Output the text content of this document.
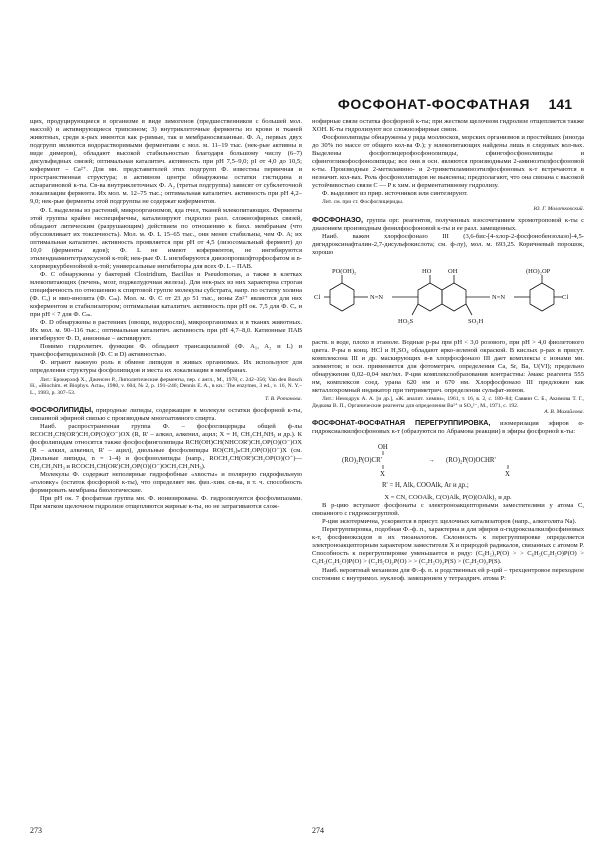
ФОСФОНАТ-ФОСФАТНАЯ 141

щих, продуцирующиеся в организме в виде зимогенов (предшественников с большей мол. массой) и активирующиеся трипсином; 3) внутриклеточные ферменты из крови и тканей животных, среди к-рых имеются как р-римые, так и мембраносвязанные. Ф. A₂ первых двух подгрупп являются водорастворимыми ферментами с мол. м. 11–19 тыс. (нек-рые активны в виде димеров), обладают высокой стабильностью благодаря большому числу (6–7) дисульфидных связей; оптимальная каталитич. активность при pH 7,5–9,0; pI от 4,0 до 10,5; кофермент – Ca²⁺. Для мн. представителей этих подгрупп Ф. известны первичная и пространственная структура; в активном центре обнаружены остатки гистидина и аспарагиновой к-ты. Св-ва внутриклеточных Ф. A₂ (третья подгруппа) зависят от субклеточной локализации фермента. Их мол. м. 12–75 тыс.; оптимальная каталитич. активность при pH 4,2–9,0; нек-рые ферменты этой подгруппы не содержат коферментов.

Ф. L выделены из растений, микроорганизмов, яда пчел, тканей млекопитающих. Ферменты этой группы крайне неспецифичны, катализируют гидролиз разл. сложноэфирных связей, обладают литическим (разрушающим) действием по отношению к биол. мембранам (что обусловливает их токсичность). Мол. м. Ф. L 15–65 тыс., они менее стабильны, чем Ф. A; их оптимальная каталитич. активность проявляется при pH от 4,5 (лизосомальный фермент) до 10,0 (ферменты ядов); Ф. L не имеют коферментов, не ингибируются этилендиаминтетрауксусной к-той; нек-рые Ф. L ингибируются диизопропилфторфосфатом и n-хлормеркурбензойной к-той; универсальные ингибиторы для всех Ф. L – ПАВ.

Ф. C обнаружены у бактерий Clostridium, Bacillus и Pseudomonas, а также в клетках млекопитающих (печень, мозг, поджелудочная железа). Для нек-рых из них характерна строгая специфичность по отношению к спиртовой группе молекулы субстрата, напр. по остатку холина (Ф. Cₓ) и мио-инозита (Ф. Cₘ). Мол. м. Ф. C от 23 до 51 тыс., ионы Zn²⁺ являются для них коферментом и стабилизатором; оптимальная каталитич. активность при pH ок. 7,5 для Ф. Cₓ и при pH < 7 для Ф. Cₘ.

Ф. D обнаружены в растениях (овощи, водоросли), микроорганизмах и в тканях животных. Их мол. м. 90–116 тыс.; оптимальная каталитич. активность при pH 4,7–8,0. Катионные ПАВ ингибируют Ф. D, анионные – активируют.

Помимо гидролитич. функции Ф. обладают трансацилазной (Ф. A₁, A₂ и L) и трансфосфатидилазной (Ф. C и D) активностью.

Ф. играют важную роль в обмене липидов в живых организмах. Их используют для определения структуры фосфолипидов и места их локализации в мембранах.

Лит.: Брокерхоф Х., Дженсен Р., Липолитические ферменты, пер. с англ., М., 1978, с. 242–356; Van den Bosch H., «Biochim. et Biophys. Acta», 1980, v. 604, № 2, p. 191–246; Dennis E. A., в кн.: The enzymes, 3 ed., v. 16, N. Y.– L., 1983, p. 307–53.
Т. В. Ротанова.

ФОСФОЛИПИДЫ, природные липиды, содержащие в молекуле остатки фосфорной к-ты, связанной эфирной связью с производным многоатомного спирта.

Наиб. распространенная группа Ф. – фосфоглицериды общей ф-лы RCOCH₂CH(OR')CH₂OP(O)(O⁻)OX (R, R' – алкил, алкенил, ацил; X = H, CH₂CH₂NH₃ и др.). К фосфолипидам относятся также фосфосфинголипиды RCH(OH)CH(NHCOR')CH₂OP(O)(O⁻)OX (R – алкил, алкенил, R' – ацил), диольные фосфолипиды RO(CH₂)ₙCH₂OP(O)(O⁻)X (см. Диольные липиды, n = 1–4) и фосфонолипиды (напр., ROCH₂CH(OR')CH₂OP(O)(O⁻)—CH₂CH₂NH₃ и RCOCH₂CH(OR')CH₂OP(O)(O⁻)OCH₂CH₂NH₃).

Молекулы Ф. содержат неполярные гидрофобные «хвосты» и полярную гидрофильную «головку» (остаток фосфорной к-ты), что определяет мн. физ.-хим. св-ва, в т. ч. способность формировать мембраны биологические.

При pH ок. 7 фосфатная группа мн. Ф. ионизирована. Ф. гидролизуются фосфолипазами. При мягком щелочном гидролизе отщепляются жирные к-ты, но не затрагиваются слож-

нофирные связи остатка фосфорной к-ты; при жестком щелочном гидролизе отщепляется также XOH. К-ты гидролизуют все сложноэфирные связи.

Фосфонолипиды обнаружены у ряда моллюсков, морских организмов и простейших (иногда до 30% по массе от общего кол-ва Ф.); у млекопитающих найдены лишь в следовых кол-вах. Выделены фосфоглицерофосфонолипиды, сфингофосфонолипиды и сфингогликофосфонолипиды; все они в осн. являются производными 2-аминоэтилфосфоновой к-ты. Производные 2-метиламино- и 2-триметиламиноэтилфосфоновых к-т встречаются в незначит. кол-вах. Роль фосфонолипидов не выяснена; предполагают, что она связана с высокой устойчивостью связи C — P к хим. и ферментативному гидролизу.

Ф. выделяют из прир. источников или синтезируют.

Лит. см. при ст. Фосфоглицериды.
Ю. Г. Молотковский.

ФОСФОНАЗО, группа орг. реагентов, полученных взосочетанием хромотроповой к-ты с диазонием производным фенилфосфоновой к-ты и ее разл. замещенных.

Наиб. важен хлорфосфоназо III (3,6-бис-[4-хлор-2-фосфонобензолазо]-4,5-дигидроксинафталин-2,7-дисульфокислота; см. ф-лу), мол. м. 693,25. Коричневый порошок, хорошо

Cl	Cl
PO(OH)₂	(HO)₂OP
HO	OH
N=N	N=N
HO₃S	SO₃H

раств. в воде, плохо в этаноле. Водные р-ры при pH < 3,0 розового, при pH > 4,0 фиолетового цвета. Р-ры в конц. HCl и H₂SO₄ обладают ярко-зеленой окраской. В кислых р-рах в присут. комплексона III и др. маскирующих в-в хлорфосфоназо III дает комплексы с ионами мн. элементов; в осн. применяется для фотометрич. определения Ca, Sr, Ba, U(VI); предельно обнаружения 0,02–0,04 мкг/мл. Р-ция комплексообразования контрастны: λмакс реагента 555 нм, комплексов соед. урана 620 нм и 670 нм. Хлорфосфоназо III предложен как металлохромный индикатор при титриметрич. определении сульфат-ионов.

Лит.: Немодрук А. А. [и др.], «Ж. аналит. химии», 1961, т. 16, в. 2, с. 180–84; Саввин С. Б., Акимова Т. Г., Дедкова В. П., Органические реагенты для определения Ba²⁺ и SO₄²⁻, М., 1971, с. 192.
А. В. Михайлова.

ФОСФОНАТ-ФОСФАТНАЯ ПЕРЕГРУППИРОВКА, изомеризация эфиров α-гидроксиалкилфосфоновых к-т (образуются по Абрамова реакции) в эфиры фосфорной к-ты:

OH
(RO)₂P(O)CR'
X
→ (RO)₂P(O)OCHR'
X
R' = H, Alk, COOAlk, Ar и др.;

X = CN, COOAlk, C(O)Alk, P(O)(OAlk)₂ и др.

В р-цию вступают фосфонаты с электроноакцепторными заместителями у атома C, связанного с гидроксигруппой.

Р-ция экзотермична, ускоряется в присут. щелочных катализаторов (напр., алкоголята Na).

Перегруппировка, подобная Ф.-ф. п., характерна и для эфиров α-гидроксиалкилфосфиновых к-т, фосфиноксидов и их тиоаналогов. Склонность к перегруппировке определяется электроноакцепторным характером заместителя X и природой радикалов, связанных с атомом P. Способность к перегруппировке уменьшается в ряду: (C₆H₅)₂P(O) > > C₆H₅(C₂H₅O)P(O) > C₆H₅(C₂H₅O)P(O) > (C₂H₅O)₂P(O) > > (C₂H₅O)₂P(S) > (C₂H₅O)₂P(S).

Наиб. вероятный механизм для Ф.-ф. п. и родственных ей р-ций – трехцентровое переходное состояние с внутримол. нуклеоф. замещением у тетраэдрич. атома P:

273	274
